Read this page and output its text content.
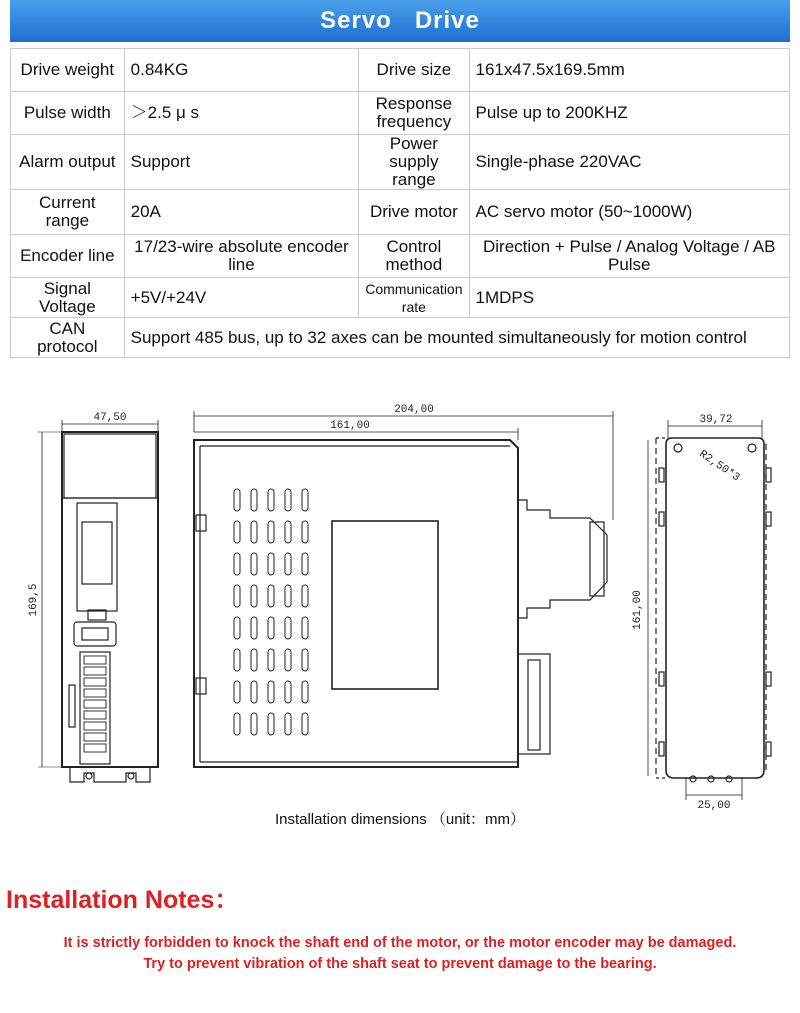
Servo   Drive
Drive weight	0.84KG	Drive size	161x47.5x169.5mm
Pulse width	＞2.5 μ s	Response frequency	Pulse up to 200KHZ
Alarm output	Support	Power supply range	Single-phase 220VAC
Current range	20A	Drive motor	AC servo motor (50~1000W)
Encoder line	17/23-wire absolute encoder line	Control method	Direction + Pulse / Analog Voltage / AB Pulse
Signal Voltage	+5V/+24V	Communication rate	1MDPS
CAN protocol	Support 485 bus, up to 32 axes can be mounted simultaneously for motion control		
47,50
169,5
204,00
161,00	39,72
R2,50*3
161,00
25,00
Installation dimensions （unit：mm）
Installation Notes：
It is strictly forbidden to knock the shaft end of the motor, or the motor encoder may be damaged.
Try to prevent vibration of the shaft seat to prevent damage to the bearing.
